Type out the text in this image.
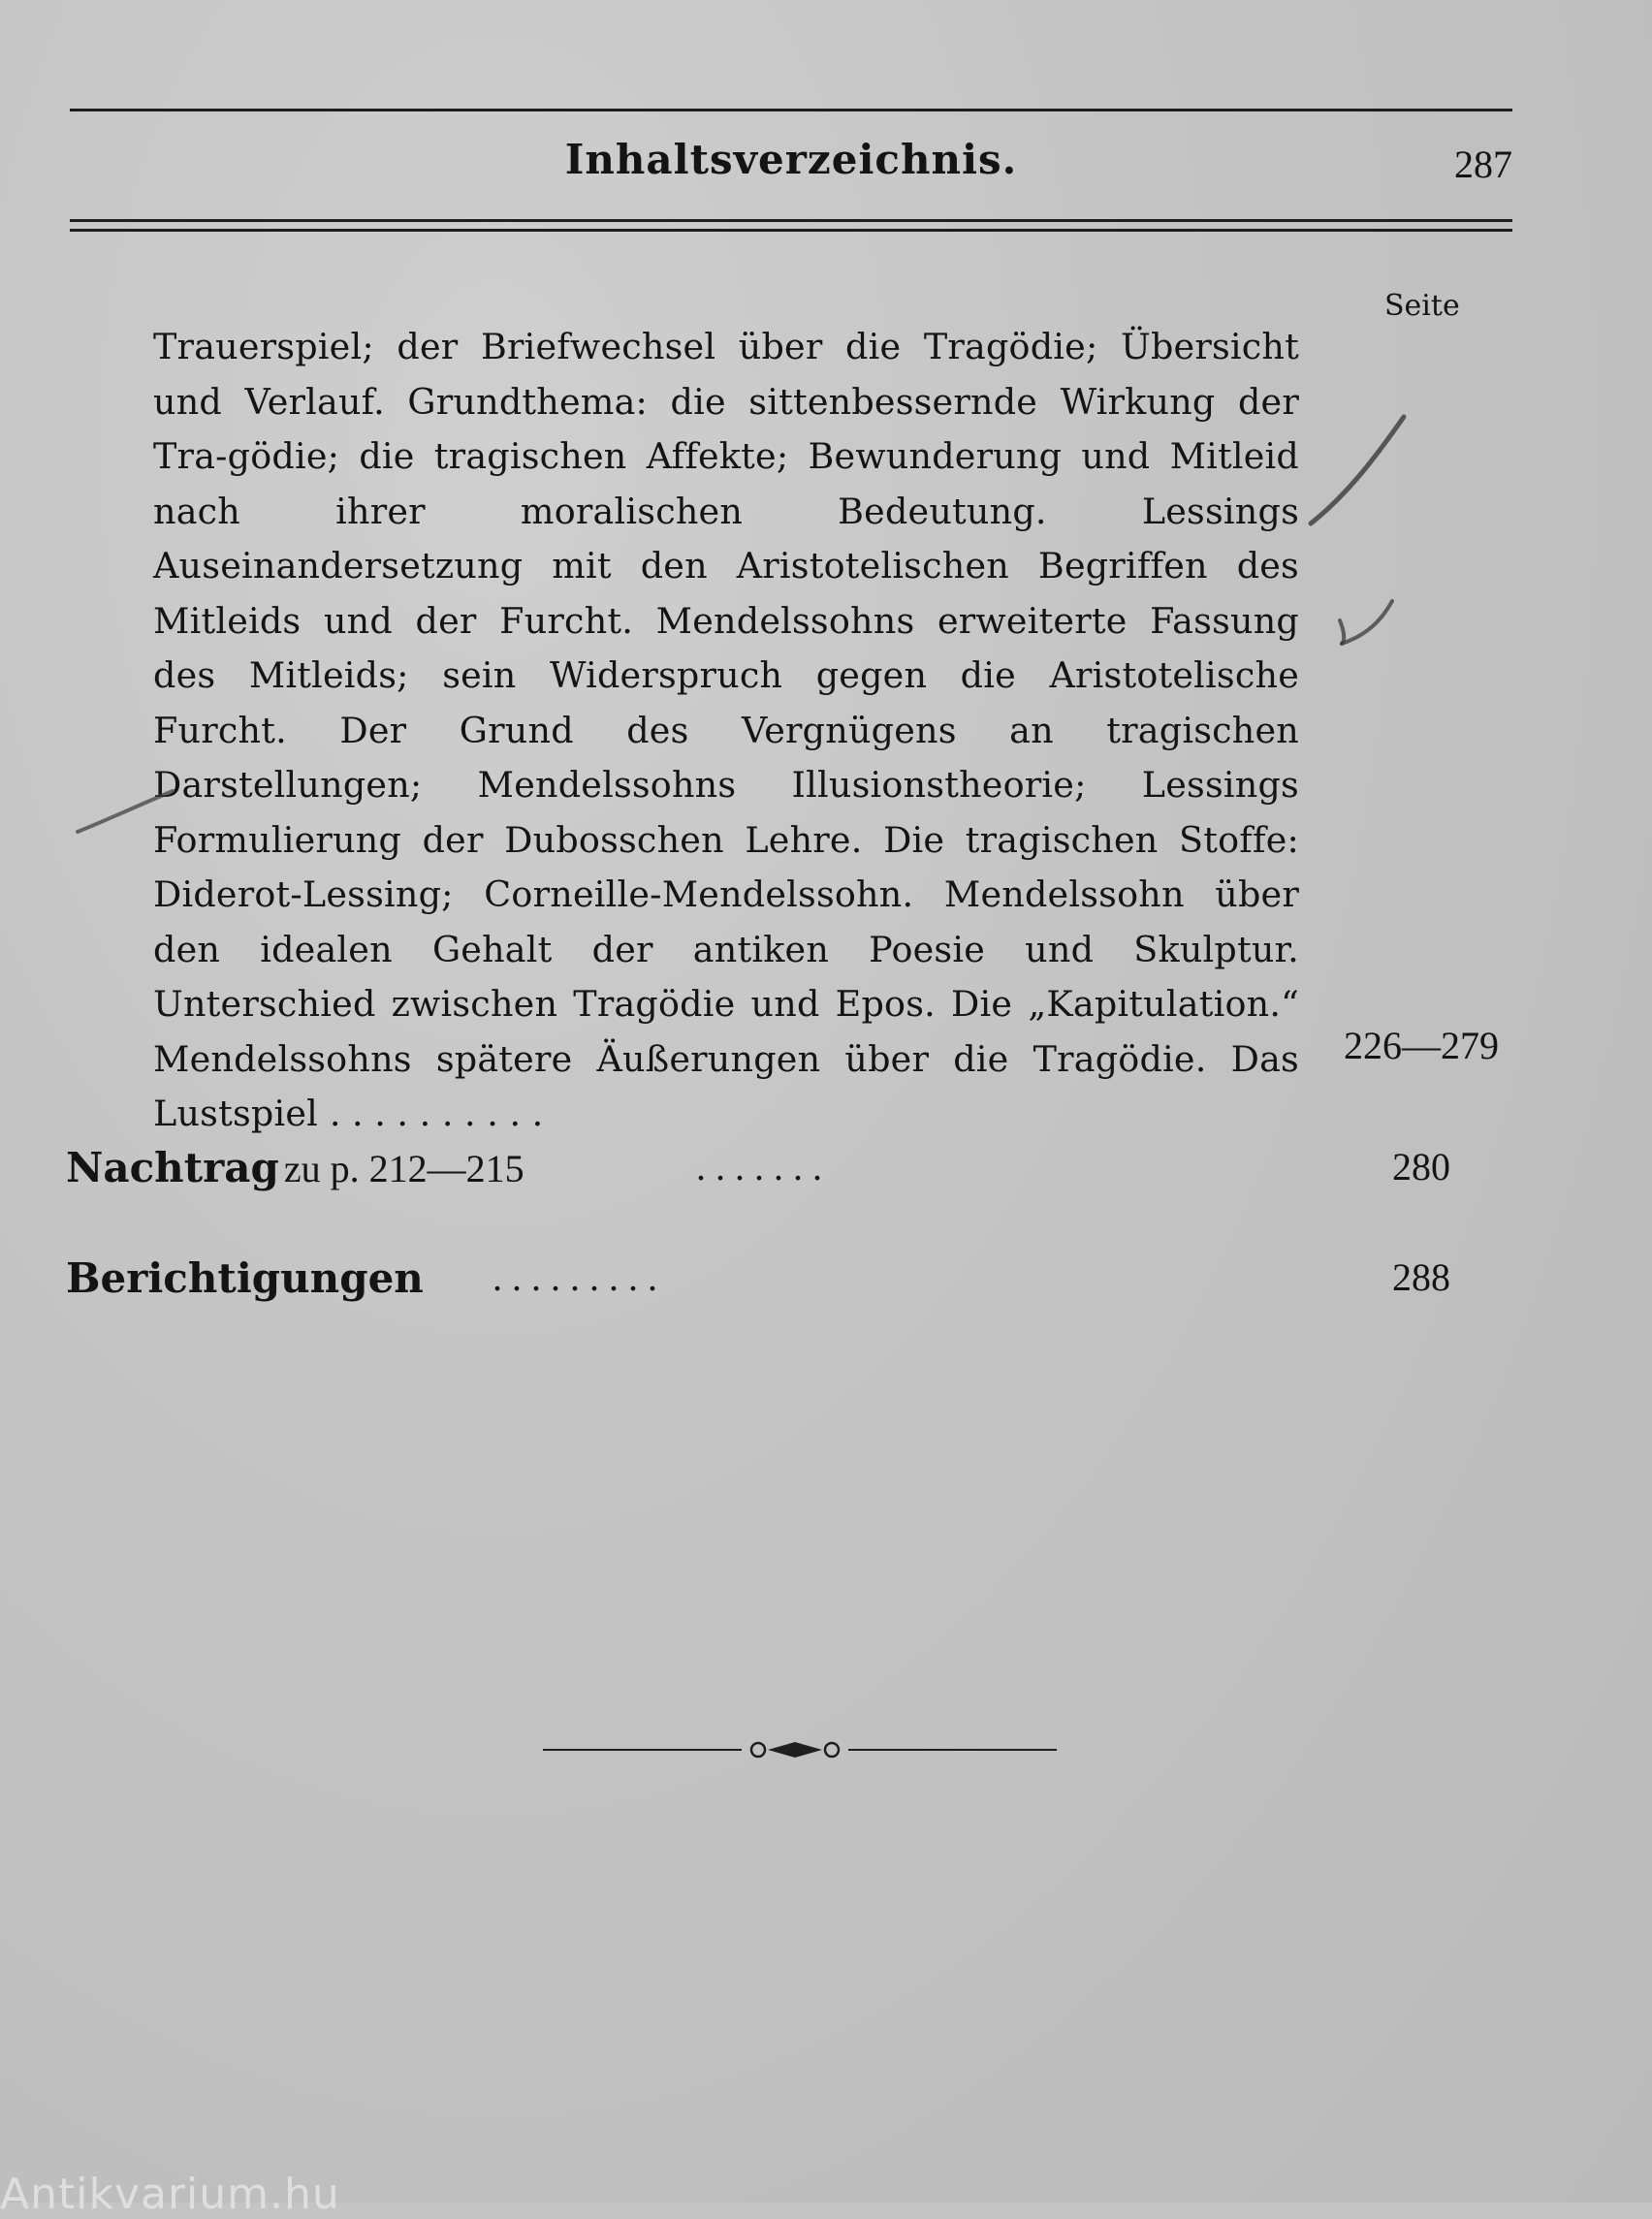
Inhaltsverzeichnis.	287
Seite
Trauerspiel; der Briefwechsel über die Tragödie; Übersicht und Verlauf. Grundthema: die sittenbessernde Wirkung der Tra-gödie; die tragischen Affekte; Bewunderung und Mitleid nach ihrer moralischen Bedeutung. Lessings Auseinandersetzung mit den Aristotelischen Begriffen des Mitleids und der Furcht. Mendelssohns erweiterte Fassung des Mitleids; sein Widerspruch gegen die Aristotelische Furcht. Der Grund des Vergnügens an tragischen Darstellungen; Mendelssohns Illusionstheorie; Lessings Formulierung der Dubosschen Lehre. Die tragischen Stoffe: Diderot-Lessing; Corneille-Mendelssohn. Mendelssohn über den idealen Gehalt der antiken Poesie und Skulptur. Unterschied zwischen Tragödie und Epos. Die „Kapitulation.“ Mendelssohns spätere Äußerungen über die Tragödie. Das Lustspiel . . . . . . . . . .
226—279
Nachtrag zu p. 212—215	. . . . . . .	280
Berichtigungen . . . . . . . . .	288
Antikvarium.hu
